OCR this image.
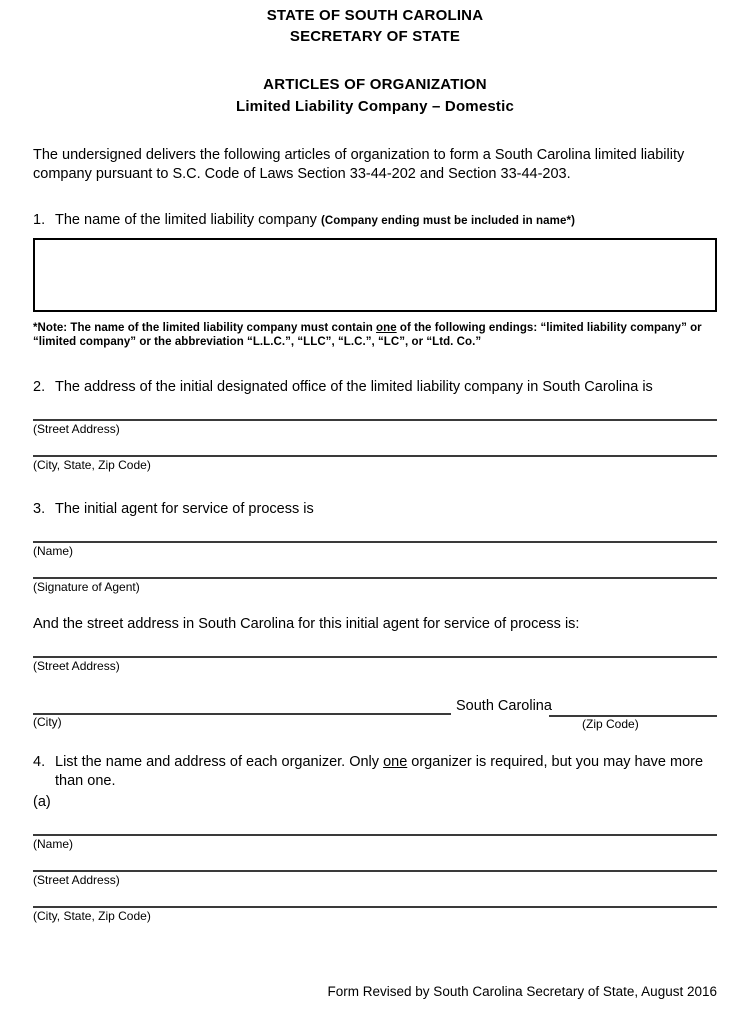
STATE OF SOUTH CAROLINA
SECRETARY OF STATE
ARTICLES OF ORGANIZATION
Limited Liability Company – Domestic
The undersigned delivers the following articles of organization to form a South Carolina limited liability company pursuant to S.C. Code of Laws Section 33-44-202 and Section 33-44-203.
1. The name of the limited liability company (Company ending must be included in name*)
*Note: The name of the limited liability company must contain one of the following endings: “limited liability company” or “limited company” or the abbreviation “L.L.C.”, “LLC”, “L.C.”, “LC”, or “Ltd. Co.”
2. The address of the initial designated office of the limited liability company in South Carolina is
(Street Address)
(City, State, Zip Code)
3. The initial agent for service of process is
(Name)
(Signature of Agent)
And the street address in South Carolina for this initial agent for service of process is:
(Street Address)
South Carolina
(City)	(Zip Code)
4. List the name and address of each organizer. Only one organizer is required, but you may have more than one.
(a)
(Name)
(Street Address)
(City, State, Zip Code)
Form Revised by South Carolina Secretary of State, August 2016
